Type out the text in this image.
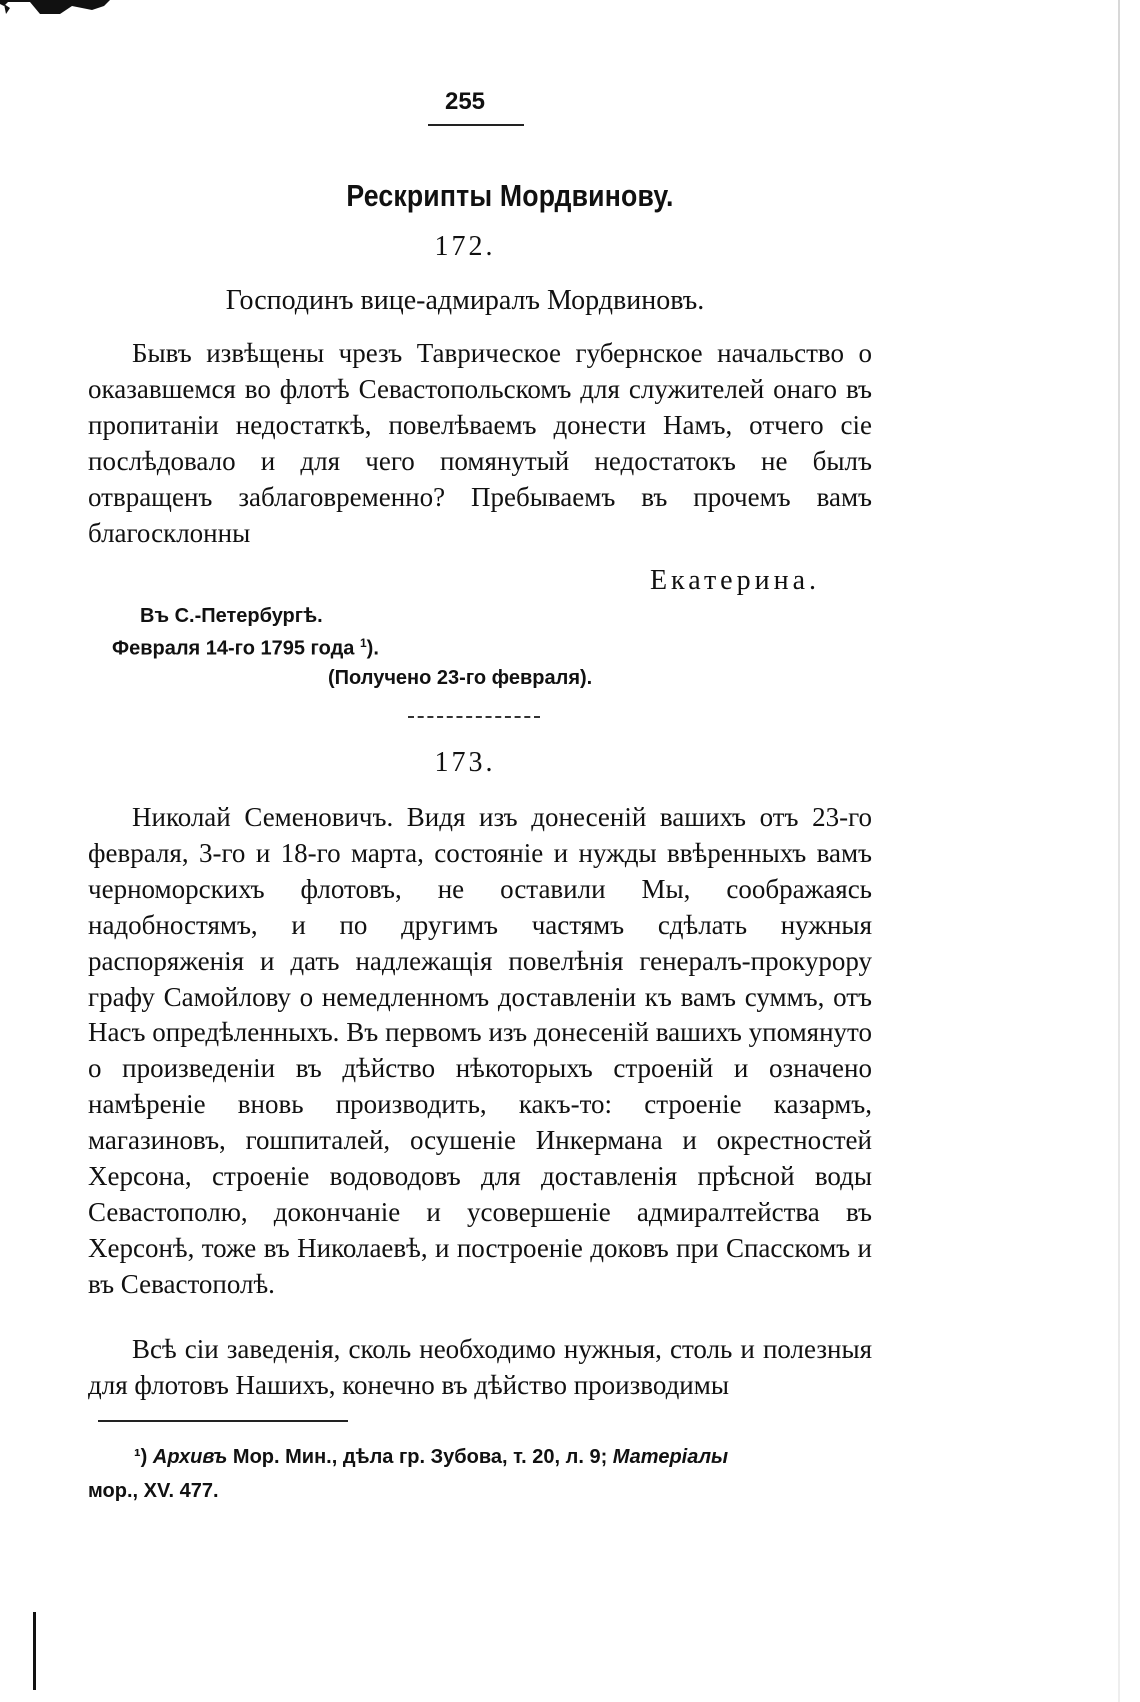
255
Рескрипты Мордвинову.
172.
Господинъ вице-адмиралъ Мордвиновъ.
Бывъ извѣщены чрезъ Таврическое губернское начальство о оказавшемся во флотѣ Севастопольскомъ для служителей онаго въ пропитаніи недостаткѣ, повелѣваемъ донести Намъ, отчего сіе послѣдовало и для чего помянутый недостатокъ не былъ отвращенъ заблаговременно? Пребываемъ въ прочемъ вамъ благосклонны
Екатерина.
Въ С.-Петербургѣ.
Февраля 14-го 1795 года $^1$).
(Получено 23-го февраля).
173.
Николай Семеновичъ. Видя изъ донесеній вашихъ отъ 23-го февраля, 3-го и 18-го марта, состояніе и нужды ввѣренныхъ вамъ черноморскихъ флотовъ, не оставили Мы, соображаясь надобностямъ, и по другимъ частямъ сдѣлать нужныя распоряженія и дать надлежащія повелѣнія генералъ-прокурору графу Самойлову о немедленномъ доставленіи къ вамъ суммъ, отъ Насъ опредѣленныхъ. Въ первомъ изъ донесеній вашихъ упомянуто о произведеніи въ дѣйство нѣкоторыхъ строеній и означено намѣреніе вновь производить, какъ-то: строеніе казармъ, магазиновъ, гошпиталей, осушеніе Инкермана и окрестностей Херсона, строеніе водоводовъ для доставленія прѣсной воды Севастополю, докончаніе и усовершеніе адмиралтейства въ Херсонѣ, тоже въ Николаевѣ, и построеніе доковъ при Спасскомъ и въ Севастополѣ.
Всѣ сіи заведенія, сколь необходимо нужныя, столь и полезныя для флотовъ Нашихъ, конечно въ дѣйство производимы
¹) Архивъ Мор. Мин., дѣла гр. Зубова, т. 20, л. 9; Матеріалы
мор., XV. 477.
